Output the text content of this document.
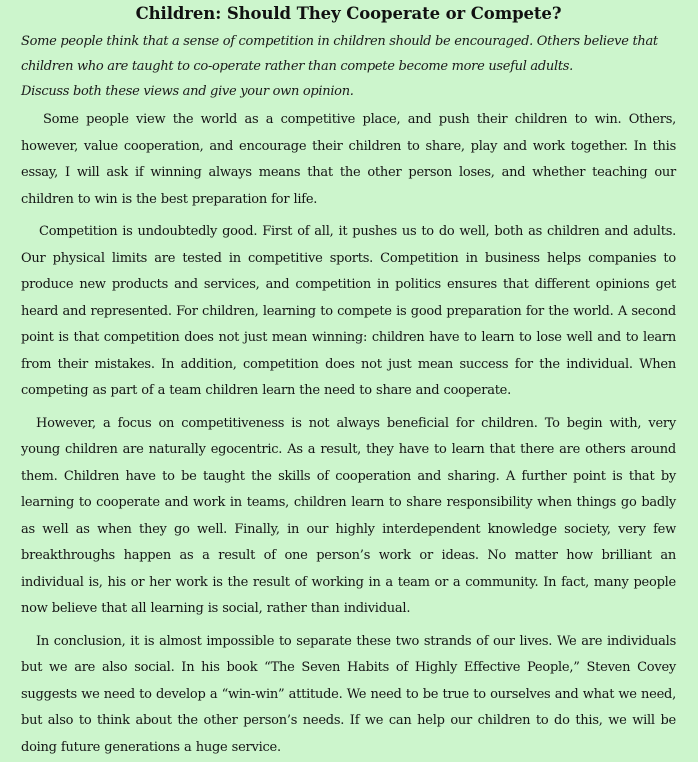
Children: Should They Cooperate or Compete?

Some people think that a sense of competition in children should be encouraged. Others believe that children who are taught to co-operate rather than compete become more useful adults.

Discuss both these views and give your own opinion.

Some people view the world as a competitive place, and push their children to win. Others, however, value cooperation, and encourage their children to share, play and work together. In this essay, I will ask if winning always means that the other person loses, and whether teaching our children to win is the best preparation for life.

Competition is undoubtedly good. First of all, it pushes us to do well, both as children and adults. Our physical limits are tested in competitive sports. Competition in business helps companies to produce new products and services, and competition in politics ensures that different opinions get heard and represented. For children, learning to compete is good preparation for the world. A second point is that competition does not just mean winning: children have to learn to lose well and to learn from their mistakes. In addition, competition does not just mean success for the individual. When competing as part of a team children learn the need to share and cooperate.

However, a focus on competitiveness is not always beneficial for children. To begin with, very young children are naturally egocentric. As a result, they have to learn that there are others around them. Children have to be taught the skills of cooperation and sharing. A further point is that by learning to cooperate and work in teams, children learn to share responsibility when things go badly as well as when they go well. Finally, in our highly interdependent knowledge society, very few breakthroughs happen as a result of one person’s work or ideas. No matter how brilliant an individual is, his or her work is the result of working in a team or a community. In fact, many people now believe that all learning is social, rather than individual.

In conclusion, it is almost impossible to separate these two strands of our lives. We are individuals but we are also social. In his book “The Seven Habits of Highly Effective People,” Steven Covey suggests we need to develop a “win-win” attitude. We need to be true to ourselves and what we need, but also to think about the other person’s needs. If we can help our children to do this, we will be doing future generations a huge service.
